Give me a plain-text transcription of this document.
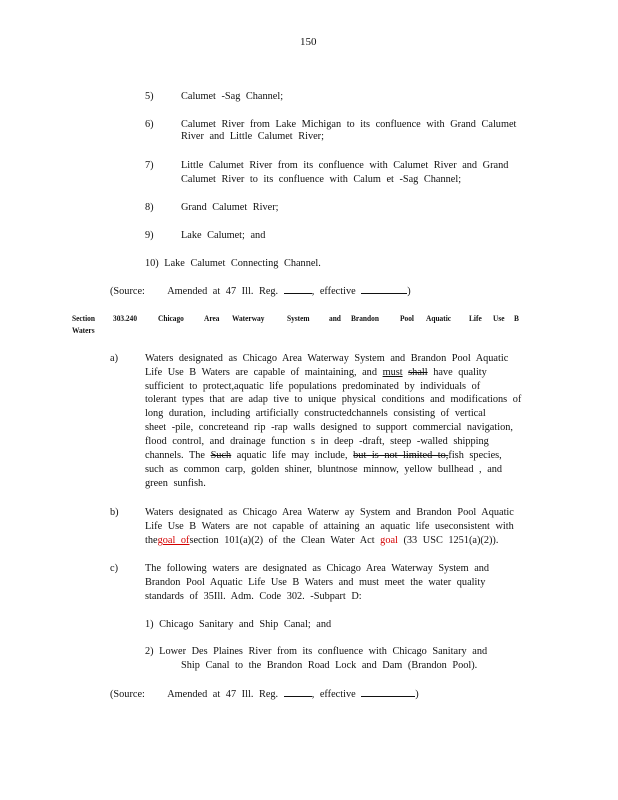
150
5)	Calumet -Sag Channel;
6)	Calumet River from Lake Michigan to its confluence with Grand Calumet
River and Little Calumet River;
7)	Little Calumet River from its confluence with Calumet River and Grand
Calumet River to its confluence with Calum et -Sag Channel;
8)	Grand Calumet River;
9)	Lake Calumet; and
10) Lake Calumet Connecting Channel.
(Source: Amended at 47 Ill. Reg.	, effective	)
Section
Waters
303.240 Chicago Area Waterway	System and Brandon Pool Aquatic Life Use B
a)	Waters designated as Chicago Area Waterway System and Brandon Pool Aquatic
Life Use B Waters are capable of maintaining, and must shall have quality
sufficient to protect,aquatic life populations predominated by individuals of
tolerant types that are adap tive to unique physical conditions and modifications of
long duration, including artificially constructedchannels consisting of vertical
sheet -pile, concreteand rip -rap walls designed to support commercial navigation,
flood control, and drainage function s in deep -draft, steep -walled shipping
channels. The Such aquatic life may include, but is not limited to,fish species,
such as common carp, golden shiner, bluntnose minnow, yellow bullhead , and
green sunfish.
b)	Waters designated as Chicago Area Waterw ay System and Brandon Pool Aquatic
Life Use B Waters are not capable of attaining an aquatic life useconsistent with
thegoal ofsection 101(a)(2) of the Clean Water Act goal (33 USC 1251(a)(2)).
c)	The following waters are designated as Chicago Area Waterway System and
Brandon Pool Aquatic Life Use B Waters and must meet the water quality
standards of 35Ill. Adm. Code 302. -Subpart D:
1) Chicago Sanitary and Ship Canal; and
2) Lower Des Plaines River from its confluence with Chicago Sanitary and
Ship Canal to the Brandon Road Lock and Dam (Brandon Pool).
(Source: Amended at 47 Ill. Reg.	, effective	)
